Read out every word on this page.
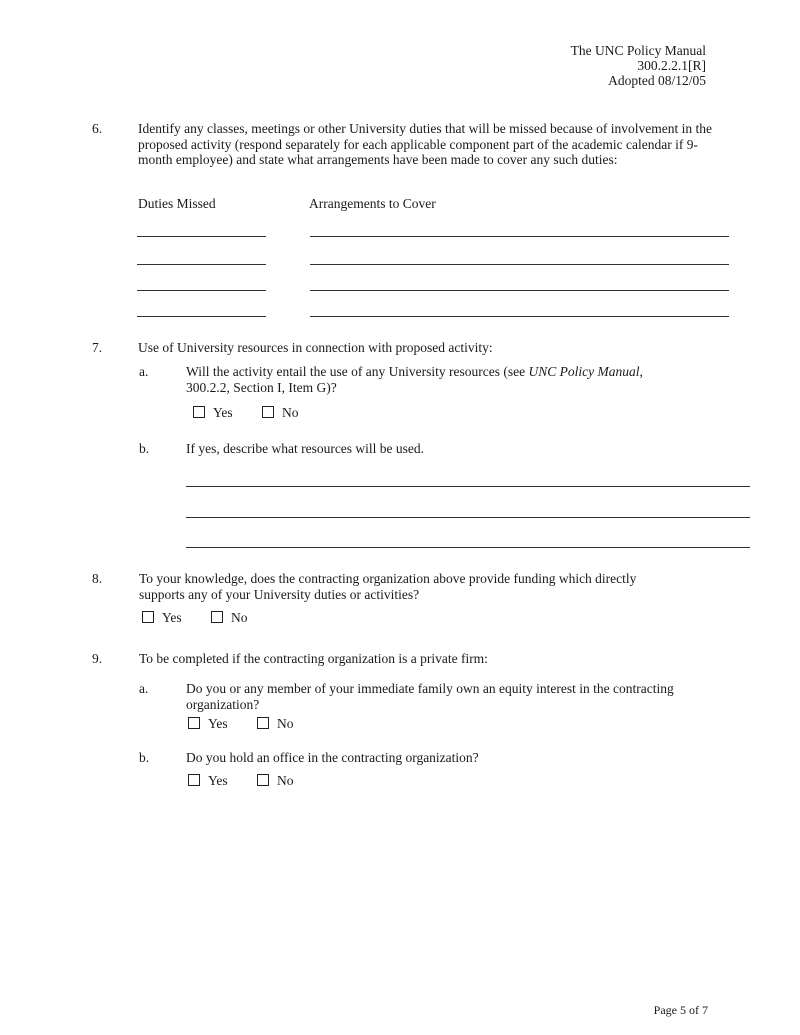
The UNC Policy Manual
300.2.2.1[R]
Adopted 08/12/05
6.	Identify any classes, meetings or other University duties that will be missed because of involvement in the proposed activity (respond separately for each applicable component part of the academic calendar if 9-month employee) and state what arrangements have been made to cover any such duties:
Duties Missed	Arrangements to Cover
7.	Use of University resources in connection with proposed activity:
a.	Will the activity entail the use of any University resources (see UNC Policy Manual,
300.2.2, Section I, Item G)?
Yes	No
b.	If yes, describe what resources will be used.
8.	To your knowledge, does the contracting organization above provide funding which directly supports any of your University duties or activities?
Yes	No
9.	To be completed if the contracting organization is a private firm:
a.	Do you or any member of your immediate family own an equity interest in the contracting organization?
Yes	No
b.	Do you hold an office in the contracting organization?
Yes	No
Page 5 of 7
